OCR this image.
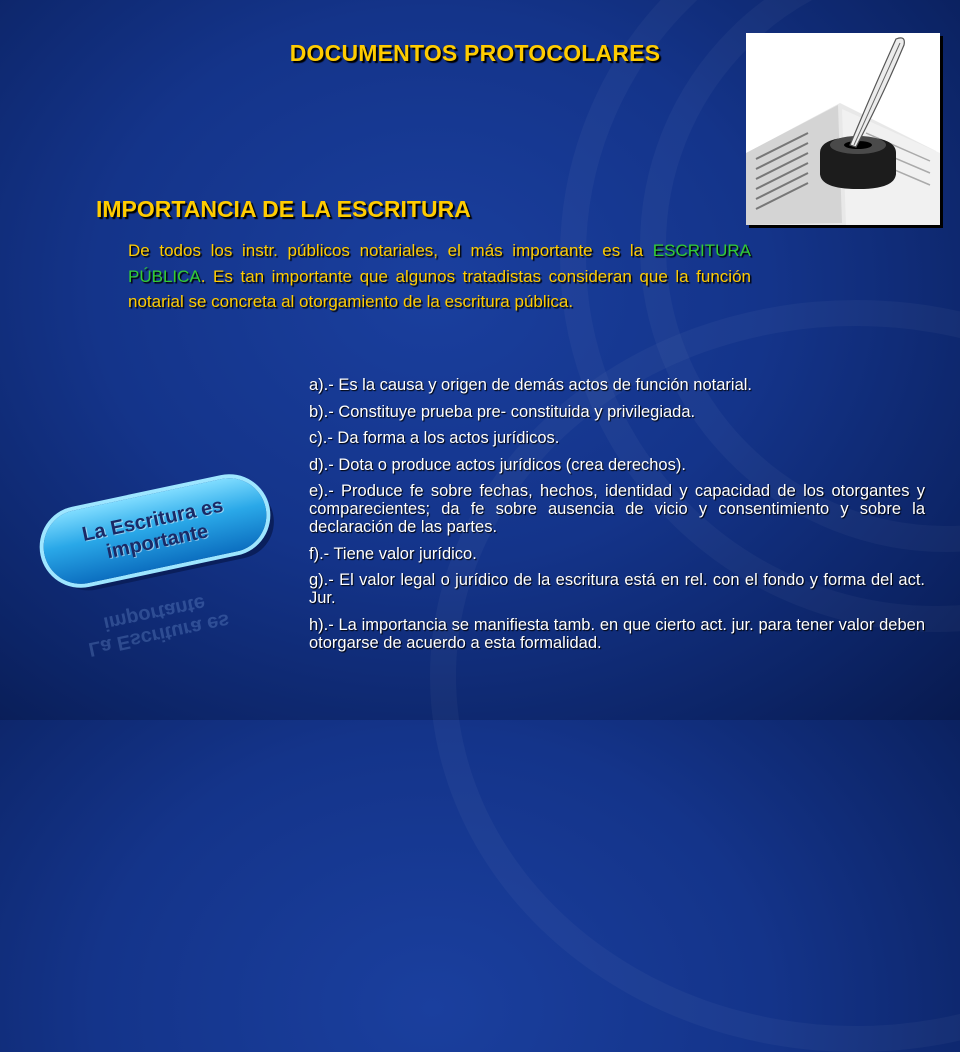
DOCUMENTOS PROTOCOLARES
IMPORTANCIA DE LA ESCRITURA

De todos los instr. públicos notariales, el más importante es la ESCRITURA PÚBLICA. Es tan importante que algunos tratadistas consideran que la función notarial se concreta al otorgamiento de la escritura pública.

a).- Es la causa y origen de demás actos de función notarial.
b).- Constituye prueba pre- constituida y privilegiada.
c).- Da forma a los actos jurídicos.
d).- Dota o produce actos jurídicos (crea derechos).
e).- Produce fe sobre fechas, hechos, identidad y capacidad de los otorgantes y comparecientes; da fe sobre ausencia de vicio y consentimiento y sobre la declaración de las partes.
f).- Tiene valor jurídico.
g).- El valor legal o jurídico de la escritura está en rel. con el fondo y forma del act. Jur.
h).- La importancia se manifiesta tamb. en que cierto act. jur. para tener valor deben otorgarse de acuerdo a esta formalidad.
La Escritura es importante
La Escritura es importante
